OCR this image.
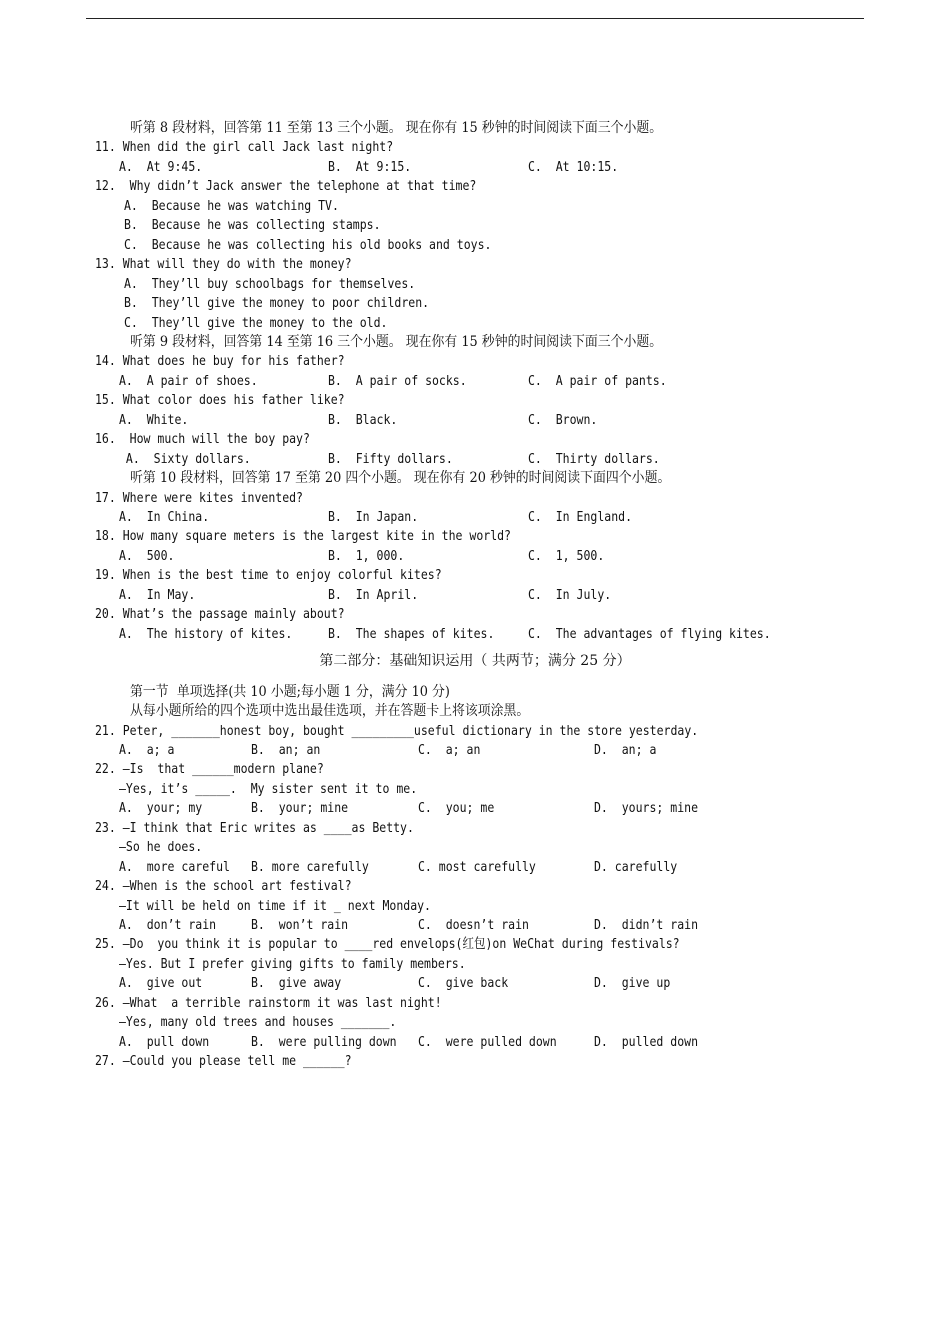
听第 8 段材料，回答第 11 至第 13 三个小题。 现在你有 15 秒钟的时间阅读下面三个小题。
11. When did the girl call Jack last night?
A.  At 9:45.	B.  At 9:15.	C.  At 10:15.
12.  Why didn’t Jack answer the telephone at that time?
A.  Because he was watching TV.
B.  Because he was collecting stamps.
C.  Because he was collecting his old books and toys.
13. What will they do with the money?
A.  They’ll buy schoolbags for themselves.
B.  They’ll give the money to poor children.
C.  They’ll give the money to the old.
听第 9 段材料，回答第 14 至第 16 三个小题。 现在你有 15 秒钟的时间阅读下面三个小题。
14. What does he buy for his father?
A.  A pair of shoes.	B.  A pair of socks.	C.  A pair of pants.
15. What color does his father like?
A.  White.	B.  Black.	C.  Brown.
16.  How much will the boy pay?
A.  Sixty dollars.	B.  Fifty dollars.	C.  Thirty dollars.
听第 10 段材料，回答第 17 至第 20 四个小题。 现在你有 20 秒钟的时间阅读下面四个小题。
17. Where were kites invented?
A.  In China.	B.  In Japan.	C.  In England.
18. How many square meters is the largest kite in the world?
A.  500.	B.  1, 000.	C.  1, 500.
19. When is the best time to enjoy colorful kites?
A.  In May.	B.  In April.	C.  In July.
20. What’s the passage mainly about?
A.  The history of kites.	B.  The shapes of kites.	C.  The advantages of flying kites.
第二部分：基础知识运用（ 共两节；满分 25 分）
第一节  单项选择(共 10 小题;每小题 1 分，满分 10 分)
从每小题所给的四个选项中选出最佳选项，并在答题卡上将该项涂黑。
21. Peter, _______honest boy, bought _________useful dictionary in the store yesterday.
A.  a; a	B.  an; an	C.  a; an	D.  an; a
22. —Is  that ______modern plane?
—Yes, it’s _____.  My sister sent it to me.
A.  your; my	B.  your; mine	C.  you; me	D.  yours; mine
23. —I think that Eric writes as ____as Betty.
—So he does.
A.  more careful B. more carefully	C. most carefully	D. carefully
24. —When is the school art festival?
—It will be held on time if it _ next Monday.
A.  don’t rain	B.  won’t rain	C.  doesn’t rain	D.  didn’t rain
25. —Do  you think it is popular to ____red envelops(红包)on WeChat during festivals?
—Yes. But I prefer giving gifts to family members.
A.  give out	B.  give away	C.  give back	D.  give up
26. —What  a terrible rainstorm it was last night!
—Yes, many old trees and houses _______.
A.  pull down	B.  were pulling down C.  were pulled down	D.  pulled down
27. —Could you please tell me ______?
